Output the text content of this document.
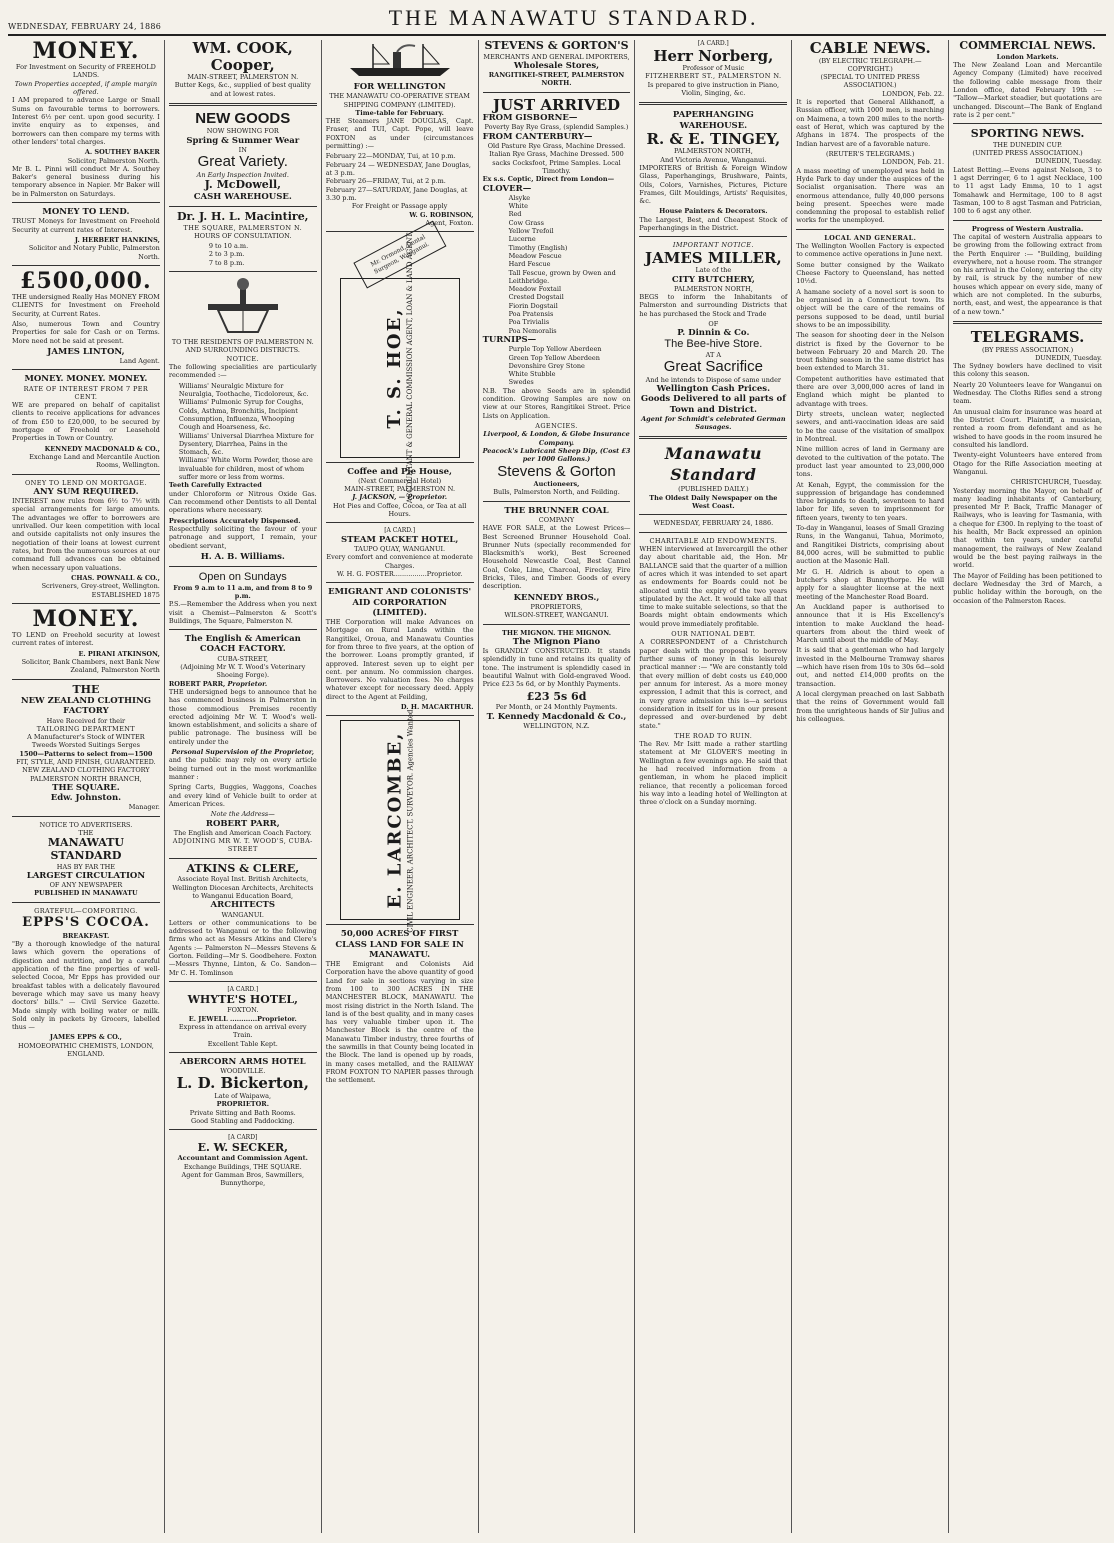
WEDNESDAY, FEBRUARY 24, 1886	THE MANAWATU STANDARD.
MONEY.
For Investment on Security of FREEHOLD LANDS.
Town Properties accepted, if ample margin offered.

I AM prepared to advance Large or Small Sums on favourable terms to borrowers. Interest 6½ per cent. upon good security. I invite enquiry as to expenses, and borrowers can then compare my terms with other lenders' total charges.

A. SOUTHEY BAKER
Solicitor, Palmerston North.

Mr B. L. Pinni will conduct Mr A. Southey Baker's general business during his temporary absence in Napier. Mr Baker will be in Palmerston on Saturdays.

MONEY TO LEND.

TRUST Moneys for Investment on Freehold Security at current rates of Interest.

J. HERBERT HANKINS,
Solicitor and Notary Public, Palmerston North.
£500,000.

THE undersigned Really Has MONEY FROM CLIENTS for Investment on Freehold Security, at Current Rates.

Also, numerous Town and Country Properties for sale for Cash or on Terms. More need not be said at present.

JAMES LINTON,
Land Agent.
MONEY. MONEY. MONEY.
RATE OF INTEREST FROM 7 PER CENT.

WE are prepared on behalf of capitalist clients to receive applications for advances of from £50 to £20,000, to be secured by mortgage of Freehold or Leasehold Properties in Town or Country.

KENNEDY MACDONALD & CO.,
Exchange Land and Mercantile Auction Rooms, Wellington.
ONEY TO LEND ON MORTGAGE.
ANY SUM REQUIRED.

INTEREST now rules from 6½ to 7½ with special arrangements for large amounts. The advantages we offer to borrowers are unrivalled. Our keen competition with local and outside capitalists not only insures the negotiation of their loans at lowest current rates, but from the numerous sources at our command full advances can be obtained when necessary upon valuations.

CHAS. POWNALL & CO.,
Scriveners, Grey-street, Wellington. ESTABLISHED 1875
MONEY.

TO LEND on Freehold security at lowest current rates of interest.

E. PIRANI ATKINSON,
Solicitor, Bank Chambers, next Bank New Zealand, Palmerston North
THE
NEW ZEALAND CLOTHING FACTORY
Have Received for their
TAILORING DEPARTMENT
A Manufacturer's Stock of WINTER
Tweeds Worsted Suitings Serges
1500—Patterns to select from—1500
FIT, STYLE, AND FINISH, GUARANTEED.
NEW ZEALAND CLOTHING FACTORY
PALMERSTON NORTH BRANCH,
THE SQUARE.
Edw. Johnston.
Manager.
NOTICE TO ADVERTISERS.
THE
MANAWATU STANDARD
HAS BY FAR THE
LARGEST CIRCULATION
OF ANY NEWSPAPER
PUBLISHED IN MANAWATU
GRATEFUL—COMFORTING.
EPPS'S COCOA.
BREAKFAST.

"By a thorough knowledge of the natural laws which govern the operations of digestion and nutrition, and by a careful application of the fine properties of well-selected Cocoa, Mr Epps has provided our breakfast tables with a delicately flavoured beverage which may save us many heavy doctors' bills." — Civil Service Gazette. Made simply with boiling water or milk. Sold only in packets by Grocers, labelled thus —

JAMES EPPS & CO.,
HOMOEOPATHIC CHEMISTS, LONDON, ENGLAND.
WM. COOK,
Cooper,
MAIN-STREET, PALMERSTON N.
Butter Kegs, &c., supplied of best quality and at lowest rates.
NEW GOODS
NOW SHOWING FOR
Spring & Summer Wear
IN
Great Variety.
An Early Inspection Invited.
J. McDowell,
CASH WAREHOUSE.
Dr. J. H. L. Macintire,
THE SQUARE, PALMERSTON N.
HOURS OF CONSULTATION.
9 to 10 a.m.
2 to 3 p.m.
7 to 8 p.m.
TO THE RESIDENTS OF PALMERSTON N. AND SURROUNDING DISTRICTS.
NOTICE.

The following specialities are particularly recommended :—

Williams' Neuralgic Mixture for Neuralgia, Toothache, Ticdoloreux, &c.
Williams' Pulmonic Syrup for Coughs, Colds, Asthma, Bronchitis, Incipient Consumption, Influenza, Whooping Cough and Hoarseness, &c.
Williams' Universal Diarrhea Mixture for Dysentery, Diarrhea, Pains in the Stomach, &c.
Williams' White Worm Powder, those are invaluable for children, most of whom suffer more or less from worms.
Teeth Carefully Extracted

under Chloroform or Nitrous Oxide Gas. Can recommend other Dentists to all Dental operations where necessary.

Prescriptions Accurately Dispensed.

Respectfully soliciting the favour of your patronage and support, I remain, your obedient servant,

H. A. B. Williams.
Open on Sundays
From 9 a.m to 11 a.m, and from 8 to 9 p.m.

P.S.—Remember the Address when you next visit a Chemist—Palmerston & Scott's Buildings, The Square, Palmerston N.

The English & American
COACH FACTORY.
CUBA-STREET,
(Adjoining Mr W. T. Wood's Veterinary Shoeing Forge).
ROBERT PARR, Proprietor.

THE undersigned begs to announce that he has commenced business in Palmerston in those commodious Premises recently erected adjoining Mr W. T. Wood's well-known establishment, and solicits a share of public patronage. The business will be entirely under the

Personal Supervision of the Proprietor,

and the public may rely on every article being turned out in the most workmanlike manner :

Spring Carts, Buggies, Waggons, Coaches and every kind of Vehicle built to order at American Prices.

Note the Address—
ROBERT PARR,
The English and American Coach Factory.
ADJOINING MR W. T. WOOD'S, CUBA-STREET
ATKINS & CLERE,
Associate Royal Inst. British Architects, Wellington Diocesan Architects, Architects to Wanganui Education Board,
ARCHITECTS
WANGANUI.

Letters or other communications to be addressed to Wanganui or to the following firms who act as Messrs Atkins and Clere's Agents :— Palmerston N—Messrs Stevens & Gorton. Feilding—Mr S. Goodbehere. Foxton—Messrs Thynne, Linton, & Co. Sandon—Mr C. H. Tomlinson

[A CARD.]
WHYTE'S HOTEL,
FOXTON.
E. JEWELL ............Proprietor.
Express in attendance on arrival every Train.
Excellent Table Kept.
ABERCORN ARMS HOTEL
WOODVILLE.
L. D. Bickerton,
Late of Waipawa,
PROPRIETOR.
Private Sitting and Bath Rooms.
Good Stabling and Paddocking.
[A CARD]
E. W. SECKER,
Accountant and Commission Agent.
Exchange Buildings, THE SQUARE.
Agent for Gamman Bros, Sawmillers, Bunnythorpe,
FOR WELLINGTON
THE MANAWATU CO-OPERATIVE STEAM SHIPPING COMPANY (LIMITED).
Time-table for February.

THE Steamers JANE DOUGLAS, Capt. Fraser, and TUI, Capt. Pope, will leave FOXTON as under (circumstances permitting) :—

February 22—MONDAY, Tui, at 10 p.m.
February 24 — WEDNESDAY, Jane Douglas, at 3 p.m.
February 26—FRIDAY, Tui, at 2 p.m.
February 27—SATURDAY, Jane Douglas, at 3.30 p.m.
For Freight or Passage apply
W. G. ROBINSON,
Agent, Foxton.
Mr. Ormond, Dental Surgeon, Wanganui.
T. S. HOE, ACCOUNTANT & GENERAL COMMISSION AGENT, LOAN & LAND AGENT
Coffee and Pie House,
(Next Commercial Hotel)
MAIN-STREET, PALMERSTON N.
J. JACKSON, — Proprietor.
Hot Pies and Coffee, Cocoa, or Tea at all Hours.
[A CARD.]
STEAM PACKET HOTEL,
TAUPO QUAY, WANGANUI.
Every comfort and convenience at moderate Charges.
W. H. G. FOSTER................Proprietor.
EMIGRANT AND COLONISTS' AID CORPORATION (LIMITED).

THE Corporation will make Advances on Mortgage on Rural Lands within the Rangitikei, Oroua, and Manawatu Counties for from three to five years, at the option of the borrower. Loans promptly granted, if approved. Interest seven up to eight per cent. per annum. No commission charges. Borrowers. No valuation fees. No charges whatever except for necessary deed. Apply direct to the Agent at Feilding,

D. H. MACARTHUR.
E. LARCOMBE, CIVIL ENGINEER, ARCHITECT, SURVEYOR. Agencies Wanted.
50,000 ACRES OF FIRST CLASS LAND FOR SALE IN MANAWATU.

THE Emigrant and Colonists Aid Corporation have the above quantity of good Land for sale in sections varying in size from 100 to 300 ACRES IN THE MANCHESTER BLOCK, MANAWATU. The most rising district in the North Island. The land is of the best quality, and in many cases has very valuable timber upon it. The Manchester Block is the centre of the Manawatu Timber industry, three fourths of the sawmills in that County being located in the Block. The land is opened up by roads, in many cases metalled, and the RAILWAY FROM FOXTON TO NAPIER passes through the settlement.

STEVENS & GORTON'S
MERCHANTS AND GENERAL IMPORTERS,
Wholesale Stores,
RANGITIKEI-STREET, PALMERSTON NORTH.
JUST ARRIVED
FROM GISBORNE—
Poverty Bay Rye Grass, (splendid Samples.)
FROM CANTERBURY—
Old Pasture Rye Grass, Machine Dressed. Italian Rye Grass, Machine Dressed. 500 sacks Cocksfoot, Prime Samples. Local Timothy.
Ex s.s. Coptic, Direct from London—
CLOVER—
Alsyke
White
Red
Cow Grass
Yellow Trefoil
Lucerne
Timothy (English)
Meadow Fescue
Hard Fescue
Tall Fescue, grown by Owen and Leithbridge.
Meadow Foxtail
Crested Dogstail
Fiorin Dogstail
Poa Pratensis
Poa Trivialis
Poa Nemoralis
TURNIPS—
Purple Top Yellow Aberdeen
Green Top Yellow Aberdeen
Devonshire Grey Stone
White Stubble
Swedes

N.B. The above Seeds are in splendid condition. Growing Samples are now on view at our Stores, Rangitikei Street. Price Lists on Application.

AGENCIES.
Liverpool, & London, & Globe Insurance Company.
Peacock's Lubricant Sheep Dip, (Cost £3 per 1000 Gallons.)
Stevens & Gorton
Auctioneers,
Bulls, Palmerston North, and Feilding.
THE BRUNNER COAL
COMPANY

HAVE FOR SALE, at the Lowest Prices— Best Screened Brunner Household Coal. Brunner Nuts (specially recommended for Blacksmith's work), Best Screened Household Newcastle Coal, Best Cannel Coal, Coke, Lime, Charcoal, Fireclay, Fire Bricks, Tiles, and Timber. Goods of every description.

KENNEDY BROS.,
PROPRIETORS,
WILSON-STREET, WANGANUI.
THE MIGNON. THE MIGNON.
The Mignon Piano

Is GRANDLY CONSTRUCTED. It stands splendidly in tune and retains its quality of tone. The instrument is splendidly cased in beautiful Walnut with Gold-engraved Wood. Price £23 5s 6d, or by Monthly Payments.

£23 5s 6d
Per Month, or 24 Monthly Payments.
T. Kennedy Macdonald & Co.,
WELLINGTON, N.Z.
[A CARD.]
Herr Norberg,
Professor of Music
FITZHERBERT ST., PALMERSTON N.
Is prepared to give instruction in Piano, Violin, Singing, &c.
PAPERHANGING WAREHOUSE.
R. & E. TINGEY,
PALMERSTON NORTH,
And Victoria Avenue, Wanganui.

IMPORTERS of British & Foreign Window Glass, Paperhangings, Brushware, Paints, Oils, Colors, Varnishes, Pictures, Picture Frames, Gilt Mouldings, Artists' Requisites, &c.

House Painters & Decorators.

The Largest, Best, and Cheapest Stock of Paperhangings in the District.

IMPORTANT NOTICE.
JAMES MILLER,
Late of the
CITY BUTCHERY,
PALMERSTON NORTH,

BEGS to inform the Inhabitants of Palmerston and surrounding Districts that he has purchased the Stock and Trade

OF
P. Dinnin & Co.
The Bee-hive Store.
AT A
Great Sacrifice
And he intends to Dispose of same under
Wellington Cash Prices.
Goods Delivered to all parts of Town and District.
Agent for Schmidt's celebrated German Sausages.
Manawatu Standard
(PUBLISHED DAILY.)
The Oldest Daily Newspaper on the West Coast.
WEDNESDAY, FEBRUARY 24, 1886.
CHARITABLE AID ENDOWMENTS.

WHEN interviewed at Invercargill the other day about charitable aid, the Hon. Mr BALLANCE said that the quarter of a million of acres which it was intended to set apart as endowments for Boards could not be allocated until the expiry of the two years stipulated by the Act. It would take all that time to make suitable selections, so that the Boards might obtain endowments which would prove immediately profitable.

OUR NATIONAL DEBT.

A CORRESPONDENT of a Christchurch paper deals with the proposal to borrow further sums of money in this leisurely practical manner :— "We are constantly told that every million of debt costs us £40,000 per annum for interest. As a more money expression, I admit that this is correct, and in very grave admission this is—a serious consideration in itself for us in our present depressed and over-burdened by debt state."

THE ROAD TO RUIN.

The Rev. Mr Isitt made a rather startling statement at Mr GLOVER'S meeting in Wellington a few evenings ago. He said that he had received information from a gentleman, in whom he placed implicit reliance, that recently a policeman forced his way into a leading hotel of Wellington at three o'clock on a Sunday morning.

CABLE NEWS.
(BY ELECTRIC TELEGRAPH.—COPYRIGHT.)
(SPECIAL TO UNITED PRESS ASSOCIATION.)
LONDON, Feb. 22.

It is reported that General Alikhanoff, a Russian officer, with 1000 men, is marching on Maimena, a town 200 miles to the north-east of Herat, which was captured by the Afghans in 1874. The prospects of the Indian harvest are of a favorable nature.

(REUTER'S TELEGRAMS.)
LONDON, Feb. 21.

A mass meeting of unemployed was held in Hyde Park to day under the auspices of the Socialist organisation. There was an enormous attendance, fully 40,000 persons being present. Speeches were made condemning the proposal to establish relief works for the unemployed.

LOCAL AND GENERAL.

The Wellington Woollen Factory is expected to commence active operations in June next.

Some butter consigned by the Waikato Cheese Factory to Queensland, has netted 10½d.

A hamane society of a novel sort is soon to be organised in a Connecticut town. Its object will be the care of the remains of persons supposed to be dead, until burial shows to be an impossibility.

The season for shooting deer in the Nelson district is fixed by the Governor to be between February 20 and March 20. The trout fishing season in the same district has been extended to March 31.

Competent authorities have estimated that there are over 3,000,000 acres of land in England which might be planted to advantage with trees.

Dirty streets, unclean water, neglected sewers, and anti-vaccination ideas are said to be the cause of the visitation of smallpox in Montreal.

Nine million acres of land in Germany are devoted to the cultivation of the potato. The product last year amounted to 23,000,000 tons.

At Kenah, Egypt, the commission for the suppression of brigandage has condemned three brigands to death, seventeen to hard labor for life, seven to imprisonment for fifteen years, twenty to ten years.

To-day in Wanganui, leases of Small Grazing Runs, in the Wanganui, Tahua, Morimoto, and Rangitikei Districts, comprising about 84,000 acres, will be submitted to public auction at the Masonic Hall.

Mr G. H. Aldrich is about to open a butcher's shop at Bunnythorpe. He will apply for a slaughter license at the next meeting of the Manchester Road Board.

An Auckland paper is authorised to announce that it is His Excellency's intention to make Auckland the head-quarters from about the third week of March until about the middle of May.

It is said that a gentleman who had largely invested in the Melbourne Tramway shares—which have risen from 10s to 30s 6d—sold out, and netted £14,000 profits on the transaction.

A local clergyman preached on last Sabbath that the reins of Government would fall from the unrighteous hands of Sir Julius and his colleagues.

COMMERCIAL NEWS.
London Markets.

The New Zealand Loan and Mercantile Agency Company (Limited) have received the following cable message from their London office, dated February 19th :— "Tallow—Market steadier, but quotations are unchanged. Discount—The Bank of England rate is 2 per cent."

SPORTING NEWS.
THE DUNEDIN CUP.
(UNITED PRESS ASSOCIATION.)
DUNEDIN, Tuesday.

Latest Betting.—Evens against Nelson, 3 to 1 agst Derringer, 6 to 1 agst Necklace, 100 to 11 agst Lady Emma, 10 to 1 agst Tomahawk and Hermitage, 100 to 8 agst Tasman, 100 to 8 agst Tasman and Patrician, 100 to 6 agst any other.

Progress of Western Australia.

The capital of western Australia appears to be growing from the following extract from the Perth Enquirer :— "Building, building everywhere, not a house room. The stranger on his arrival in the Colony, entering the city by rail, is struck by the number of new houses which appear on every side, many of which are not completed. In the suburbs, north, east, and west, the appearance is that of a new town."

TELEGRAMS.
(BY PRESS ASSOCIATION.)
DUNEDIN, Tuesday.

The Sydney bowlers have declined to visit this colony this season.

Nearly 20 Volunteers leave for Wanganui on Wednesday. The Cloths Rifles send a strong team.

An unusual claim for insurance was heard at the District Court. Plaintiff, a musician, rented a room from defendant and as he wished to have goods in the room insured he consulted his landlord.

Twenty-eight Volunteers have entered from Otago for the Rifle Association meeting at Wanganui.

CHRISTCHURCH, Tuesday.

Yesterday morning the Mayor, on behalf of many leading inhabitants of Canterbury, presented Mr P. Back, Traffic Manager of Railways, who is leaving for Tasmania, with a cheque for £300. In replying to the toast of his health, Mr Back expressed an opinion that within ten years, under careful management, the railways of New Zealand would be the best paying railways in the world.

The Mayor of Feilding has been petitioned to declare Wednesday the 3rd of March, a public holiday within the borough, on the occasion of the Palmerston Races.
